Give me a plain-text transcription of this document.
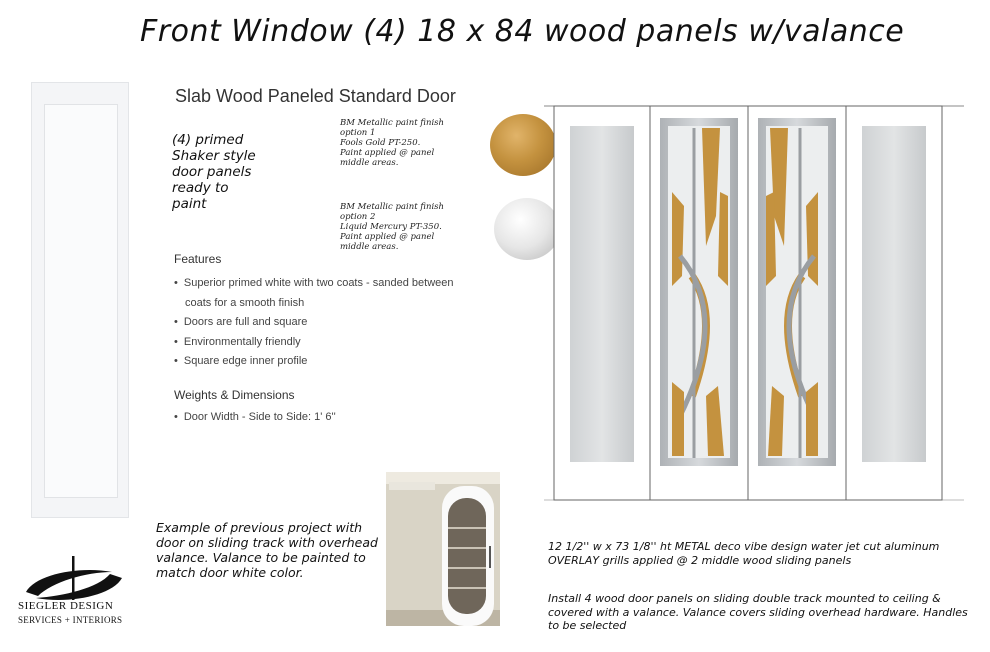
Front Window (4) 18 x 84 wood panels w/valance
Slab Wood Paneled Standard Door
(4) primed Shaker style door panels ready to paint
BM Metallic paint finish
option 1
Fools Gold PT-250.
Paint applied @ panel
middle areas.
BM Metallic paint finish
option 2
Liquid Mercury PT-350.
Paint applied @ panel
middle areas.
Features
• Superior primed white with two coats - sanded between
coats for a smooth finish
• Doors are full and square
• Environmentally friendly
• Square edge inner profile
Weights & Dimensions
• Door Width - Side to Side: 1' 6''
Example of previous project with door on sliding track with overhead valance. Valance to be painted to match door white color.
SIEGLER DESIGN
SERVICES + INTERIORS
12 1/2'' w x 73 1/8'' ht METAL deco vibe design water jet cut aluminum OVERLAY grills applied @ 2 middle wood sliding panels
Install 4 wood door panels on sliding double track mounted to ceiling & covered with a valance. Valance covers sliding overhead hardware. Handles to be selected
